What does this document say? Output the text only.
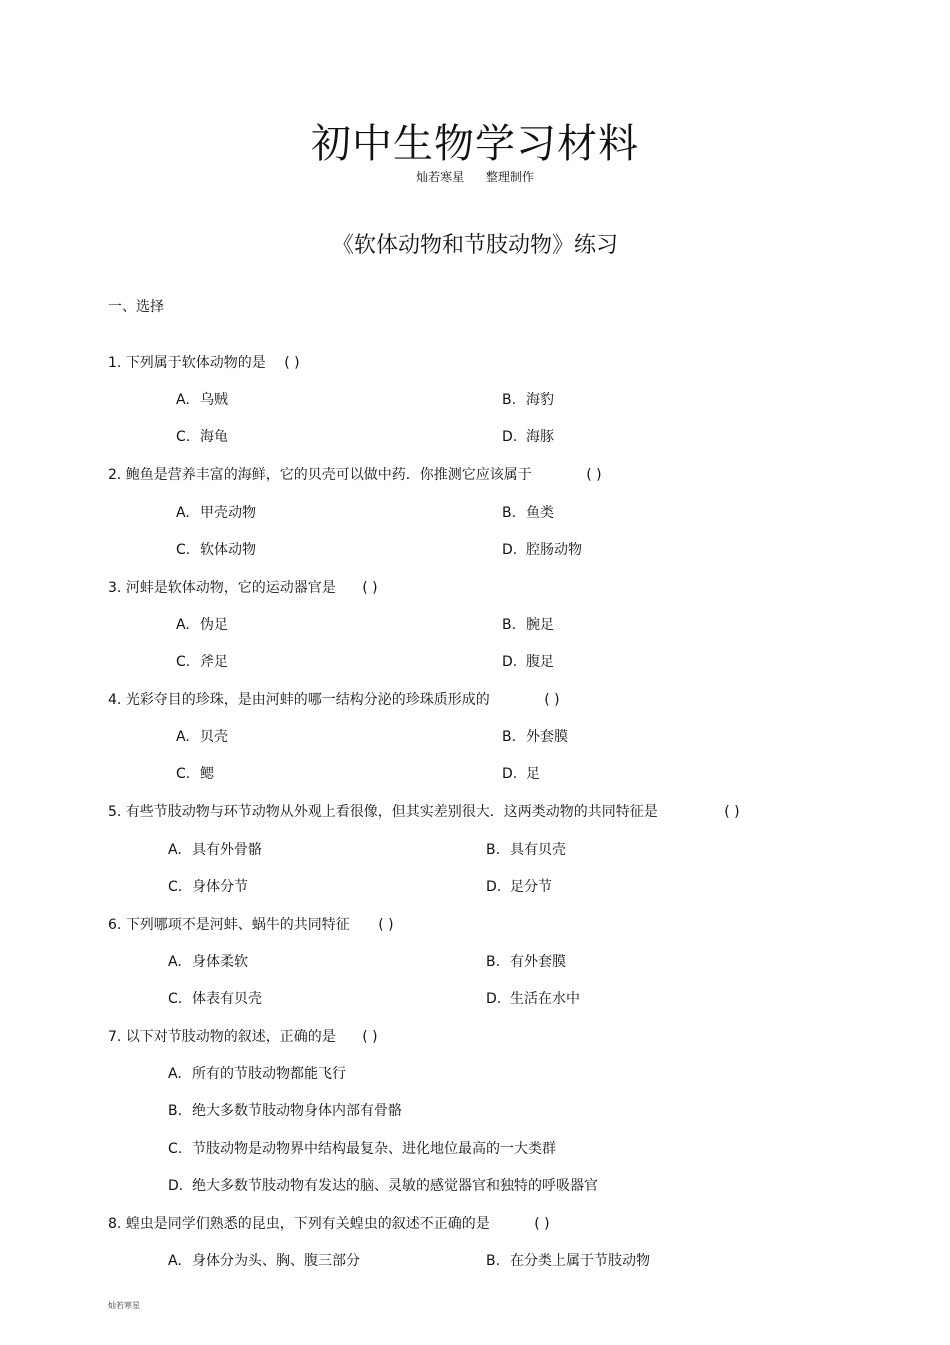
初中生物学习材料
灿若寒星 整理制作
《软体动物和节肢动物》练习
一、选择
1. 下列属于软体动物的是 ( )
A. 乌贼	B. 海豹
C. 海龟	D. 海豚
2. 鲍鱼是营养丰富的海鲜，它的贝壳可以做中药．你推测它应该属于	( )
A. 甲壳动物	B. 鱼类
C. 软体动物	D. 腔肠动物
3. 河蚌是软体动物，它的运动器官是 ( )
A. 伪足	B. 腕足
C. 斧足	D. 腹足
4. 光彩夺目的珍珠，是由河蚌的哪一结构分泌的珍珠质形成的	( )
A. 贝壳	B. 外套膜
C. 鳃	D. 足
5. 有些节肢动物与环节动物从外观上看很像，但其实差别很大．这两类动物的共同特征是	( )
A. 具有外骨骼	B. 具有贝壳
C. 身体分节	D. 足分节
6. 下列哪项不是河蚌、蜗牛的共同特征 ( )
A. 身体柔软	B. 有外套膜
C. 体表有贝壳	D. 生活在水中
7. 以下对节肢动物的叙述，正确的是 ( )
A. 所有的节肢动物都能飞行
B. 绝大多数节肢动物身体内部有骨骼
C. 节肢动物是动物界中结构最复杂、进化地位最高的一大类群
D. 绝大多数节肢动物有发达的脑、灵敏的感觉器官和独特的呼吸器官
8. 蝗虫是同学们熟悉的昆虫，下列有关蝗虫的叙述不正确的是	( )
A. 身体分为头、胸、腹三部分	B. 在分类上属于节肢动物
灿若寒星
